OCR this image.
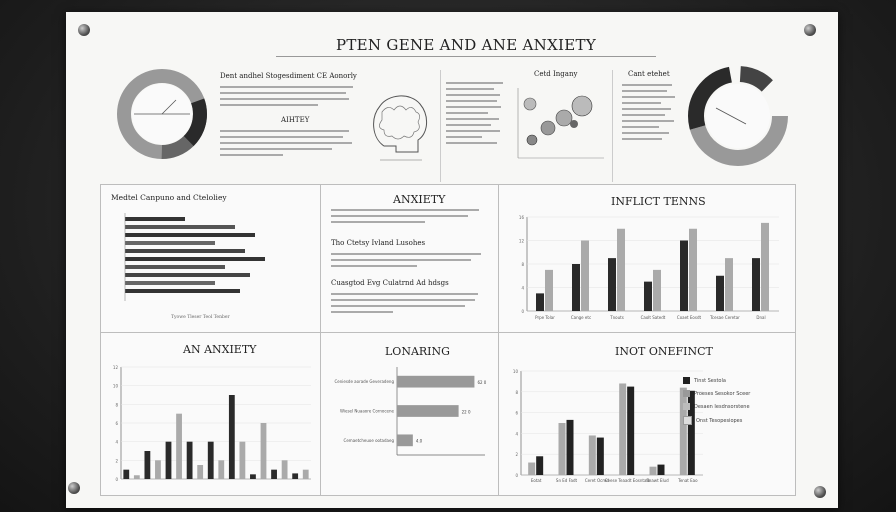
PTEN GENE AND ANE ANXIETY
Dent andhel Stogesdiment CE Aonorly
AIHTEY
Cetd Ingany	Cant etehet
Medtel Canpuno and Cteloliey
Tyowe Tleser Teol Tenber
ANXIETY
Tho Ctetsy Ivland Lusohes
Cuasgtod Evg Culatrnd Ad hdsgs
INFLICT TENNS
0
4
8
12
16
Prpe Tolar	Cange etc	Tnouts	Caolt Satedt	Coaet Eosdt Tcesae Ceretar	Dnal
AN ANXIETY
0
2
4
6
8
10
12
LONARING
Ceniesde aorade Geveradeng	62 0
Wiesel Nuaaore Cornocene	22 0
Cemaetcheuoe ootadaeg	4.0
INOT ONEFINCT
0
2
4
6
8
10
Eotat	Sn Ed Fadt Ceret Ocmd
Ceese Teaadt Eosntatt
Seawt Elud Tenat Eao
Tinst Sestola
Proeses Sesokor Sceer
Desaen Iesdnsorstene
Onst Tesopesiopes
